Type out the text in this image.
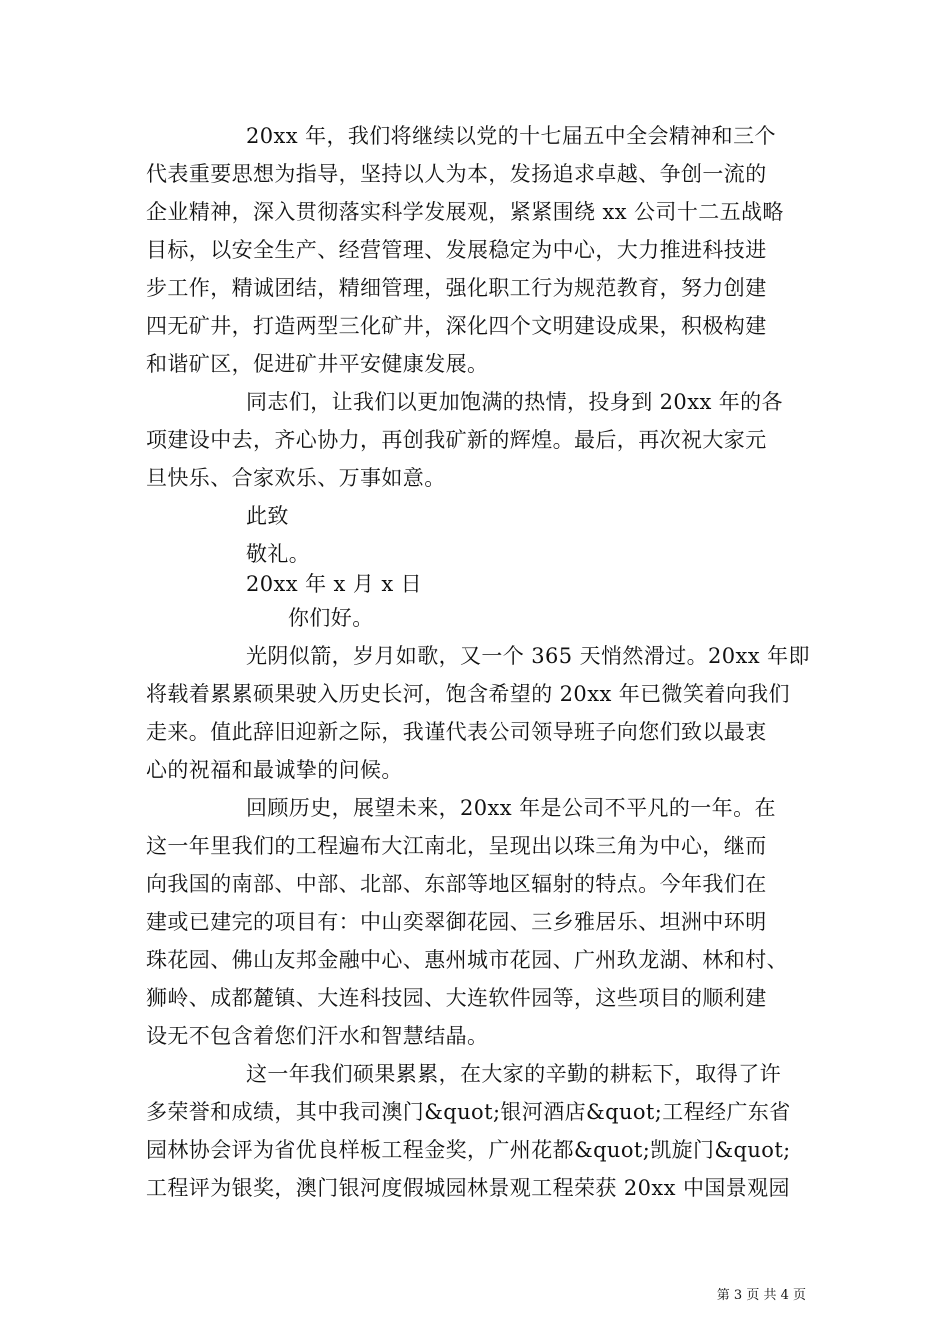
20xx 年，我们将继续以党的十七届五中全会精神和三个
代表重要思想为指导，坚持以人为本，发扬追求卓越、争创一流的
企业精神，深入贯彻落实科学发展观，紧紧围绕 xx 公司十二五战略
目标，以安全生产、经营管理、发展稳定为中心，大力推进科技进
步工作，精诚团结，精细管理，强化职工行为规范教育，努力创建
四无矿井，打造两型三化矿井，深化四个文明建设成果，积极构建
和谐矿区，促进矿井平安健康发展。
同志们，让我们以更加饱满的热情，投身到 20xx 年的各
项建设中去，齐心协力，再创我矿新的辉煌。最后，再次祝大家元
旦快乐、合家欢乐、万事如意。
此致
敬礼。
20xx 年 x 月 x 日
你们好。
光阴似箭，岁月如歌，又一个 365 天悄然滑过。20xx 年即
将载着累累硕果驶入历史长河，饱含希望的 20xx 年已微笑着向我们
走来。值此辞旧迎新之际，我谨代表公司领导班子向您们致以最衷
心的祝福和最诚挚的问候。
回顾历史，展望未来，20xx 年是公司不平凡的一年。在
这一年里我们的工程遍布大江南北，呈现出以珠三角为中心，继而
向我国的南部、中部、北部、东部等地区辐射的特点。今年我们在
建或已建完的项目有：中山奕翠御花园、三乡雅居乐、坦洲中环明
珠花园、佛山友邦金融中心、惠州城市花园、广州玖龙湖、林和村、
狮岭、成都麓镇、大连科技园、大连软件园等，这些项目的顺利建
设无不包含着您们汗水和智慧结晶。
这一年我们硕果累累，在大家的辛勤的耕耘下，取得了许
多荣誉和成绩，其中我司澳门&quot;银河酒店&quot;工程经广东省
园林协会评为省优良样板工程金奖，广州花都&quot;凯旋门&quot;
工程评为银奖，澳门银河度假城园林景观工程荣获 20xx 中国景观园
第 3 页 共 4 页
